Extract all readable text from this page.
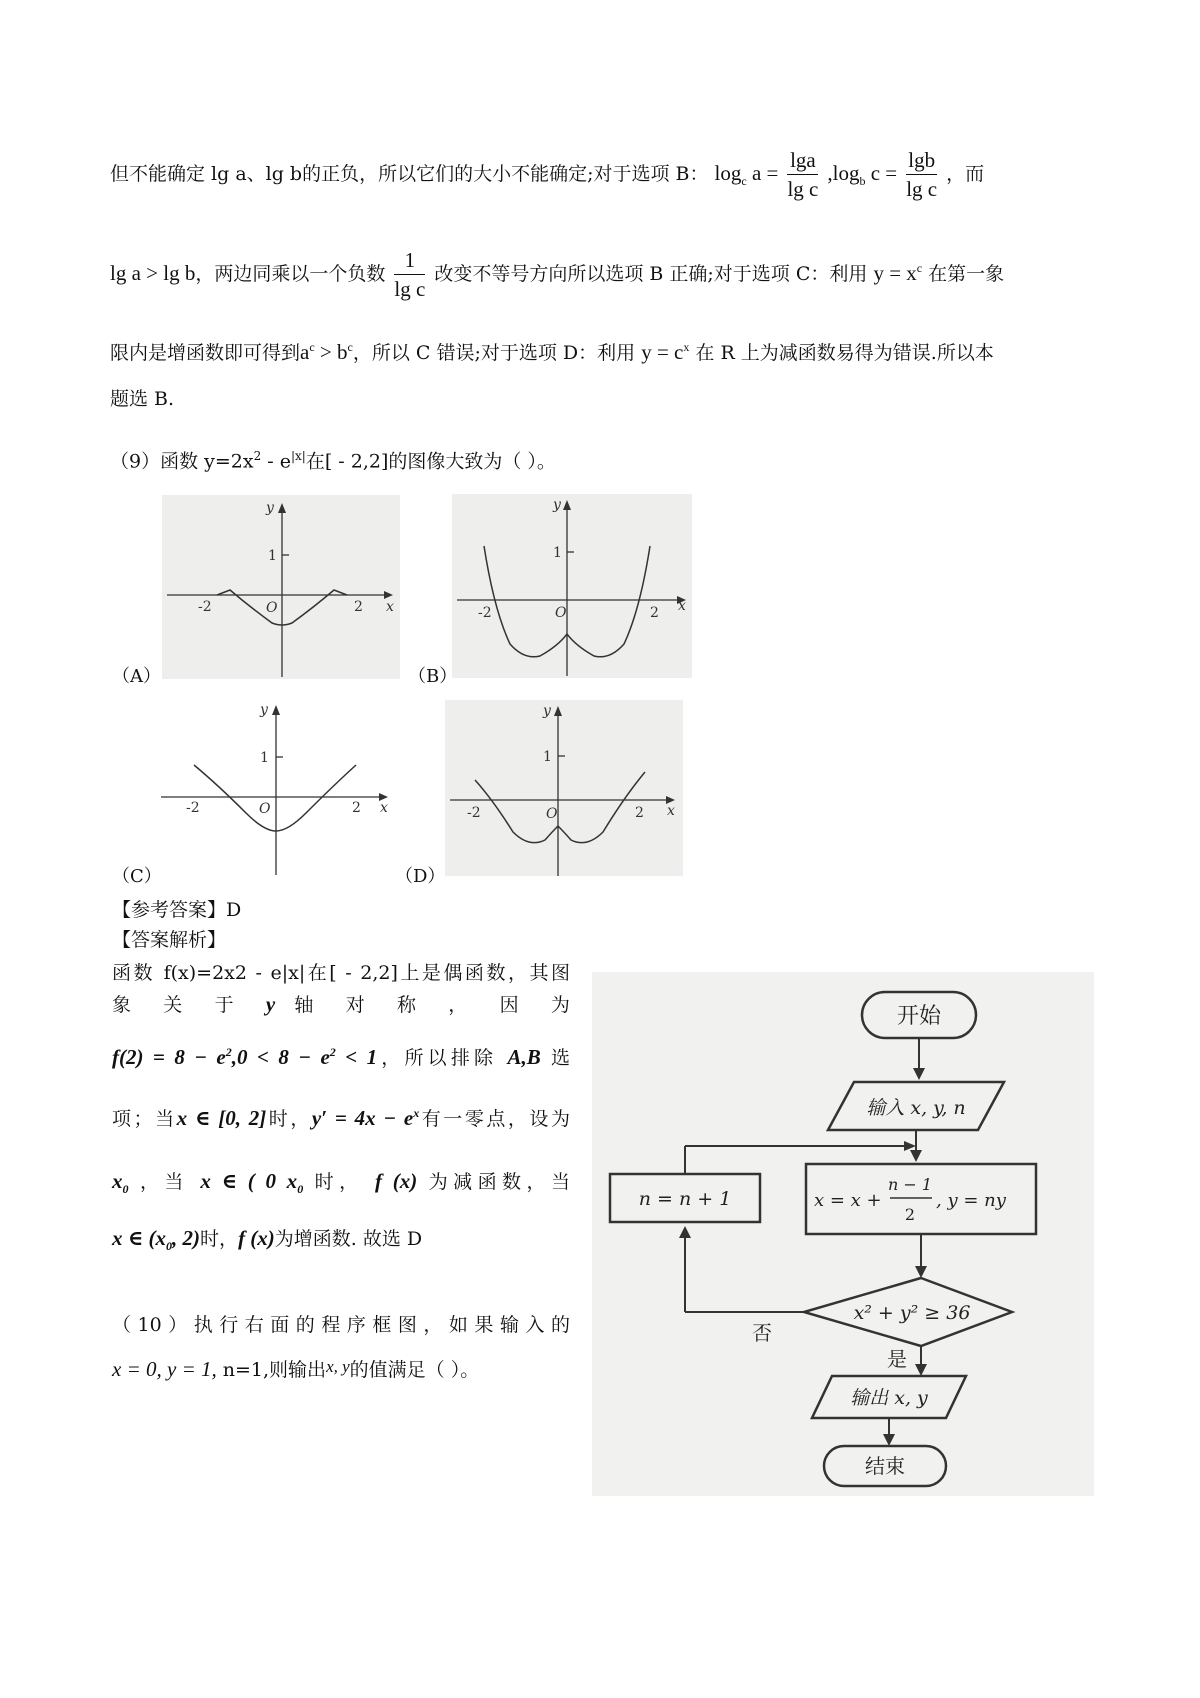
但不能确定 lg a、lg b的正负，所以它们的大小不能确定;对于选项 B： $\log_c a = \frac{\lg a}{\text{lg c}} ,\log_b$ $c = \frac{\lg b}{\text{lg c}}$ ，而
lg a > lg b，两边同乘以一个负数 $\frac{1}{\text{lg c}}$ 改变不等号方向所以选项 B 正确;对于选项 C：利用 $y = x^c$ 在第一象
限内是增函数即可得到$a^c > b^c$，所以 C 错误;对于选项 D：利用 $y = c^x$ 在 R 上为减函数易得为错误.所以本
题选 B.
（9）函数 $y=2x^2 - e^{|x|}$在[ - 2,2]的图像大致为（ ）。
y
x
1
O
-2	2
（A）
y
x
1
O
-2	2
（B）
y
x
1
O
-2	2
（C）
y
x
1
O
-2	2
（D）
【参考答案】D
【答案解析】
函数 f(x)=2x2 - e|x|在[ - 2,2]上是偶函数，其图
象 关 于 y 轴 对 称 ， 因 为
$f(2) = 8 - e^2,0 < 8 - e^2 < 1$，所以排除 A,B 选
项；当x ∈ [0, 2]时，$y' = 4x - e^x$有一零点，设为
$x_0$ ，当 x ∈ ( 0 $x_0$ 时， f (x) 为减函数，当
x ∈ ($x_0$, 2)时，f (x)为增函数. 故选 D
（10）执行右面的程序框图，如果输入的
x = 0, y = 1, n=1,则输出x, y的值满足（ ）。
开始
输入 x, y, n
x = x +
n − 1
2
, y = ny
n = n + 1
x² + y² ≥ 36
否
是
输出 x, y
结束
